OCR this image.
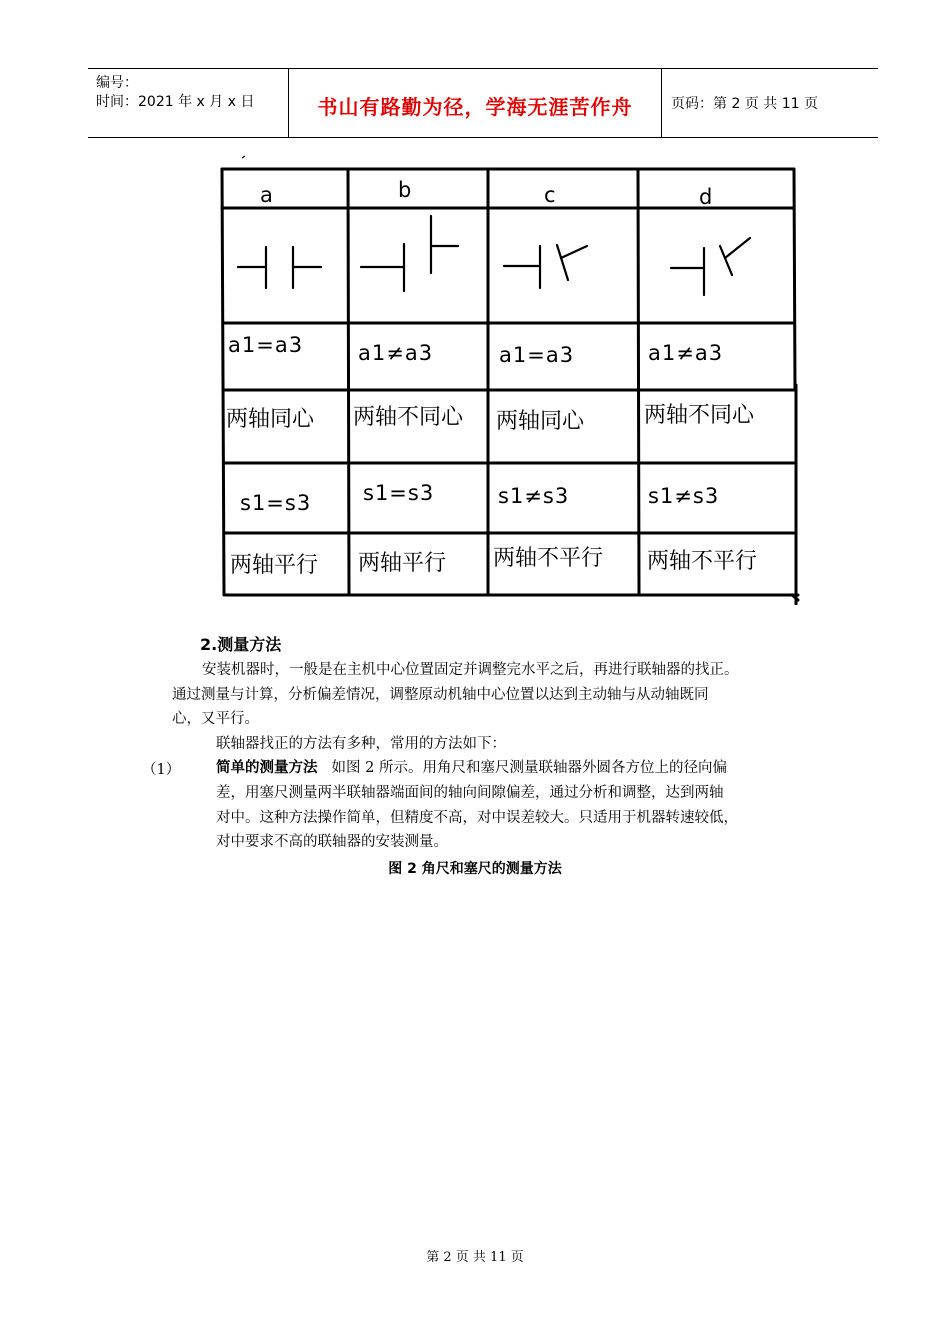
编号：
时间：2021 年 x 月 x 日	书山有路勤为径，学海无涯苦作舟	页码：第 2 页 共 11 页
a	b	c	d
a1=a3	a1≠a3	a1=a3	a1≠a3
两轴同心 两轴不同心 两轴同心	两轴不同心
s1=s3 s1=s3	s1≠s3	s1≠s3
两轴平行 两轴平行 两轴不平行 两轴不平行
2.测量方法
安装机器时，一般是在主机中心位置固定并调整完水平之后，再进行联轴器的找正。
通过测量与计算，分析偏差情况，调整原动机轴中心位置以达到主动轴与从动轴既同
心，又平行。
联轴器找正的方法有多种，常用的方法如下：
（1） 简单的测量方法 如图 2 所示。用角尺和塞尺测量联轴器外圆各方位上的径向偏
差，用塞尺测量两半联轴器端面间的轴向间隙偏差，通过分析和调整，达到两轴
对中。这种方法操作简单，但精度不高，对中误差较大。只适用于机器转速较低，
对中要求不高的联轴器的安装测量。
图 2 角尺和塞尺的测量方法
第 2 页 共 11 页
